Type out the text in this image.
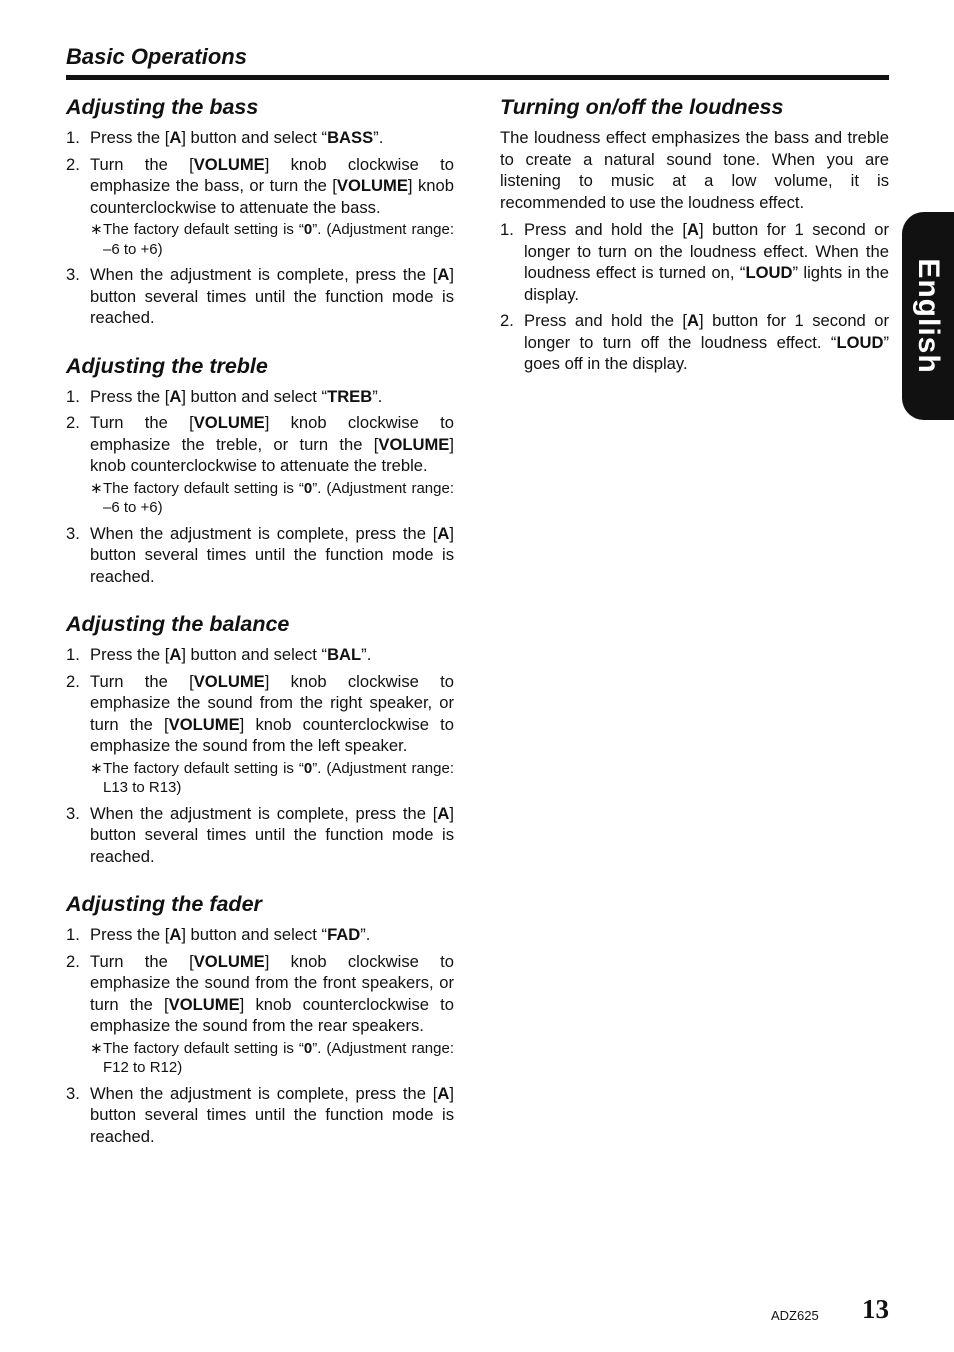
Basic Operations
Adjusting the bass
1. Press the [A] button and select “BASS”.
2. Turn the [VOLUME] knob clockwise to emphasize the bass, or turn the [VOLUME] knob counterclockwise to attenuate the bass.
∗ The factory default setting is “0”. (Adjustment range: –6 to +6)
3. When the adjustment is complete, press the [A] button several times until the function mode is reached.
Adjusting the treble
1. Press the [A] button and select “TREB”.
2. Turn the [VOLUME] knob clockwise to emphasize the treble, or turn the [VOLUME] knob counterclockwise to attenuate the treble.
∗ The factory default setting is “0”. (Adjustment range: –6 to +6)
3. When the adjustment is complete, press the [A] button several times until the function mode is reached.
Adjusting the balance
1. Press the [A] button and select “BAL”.
2. Turn the [VOLUME] knob clockwise to emphasize the sound from the right speaker, or turn the [VOLUME] knob counterclockwise to emphasize the sound from the left speaker.
∗ The factory default setting is “0”. (Adjustment range: L13 to R13)
3. When the adjustment is complete, press the [A] button several times until the function mode is reached.
Adjusting the fader
1. Press the [A] button and select “FAD”.
2. Turn the [VOLUME] knob clockwise to emphasize the sound from the front speakers, or turn the [VOLUME] knob counterclockwise to emphasize the sound from the rear speakers.
∗ The factory default setting is “0”. (Adjustment range: F12 to R12)
3. When the adjustment is complete, press the [A] button several times until the function mode is reached.
Turning on/off the loudness

The loudness effect emphasizes the bass and treble to create a natural sound tone. When you are listening to music at a low volume, it is recommended to use the loudness effect.

1. Press and hold the [A] button for 1 second or longer to turn on the loudness effect. When the loudness effect is turned on, “LOUD” lights in the display.
2. Press and hold the [A] button for 1 second or longer to turn off the loudness effect. “LOUD” goes off in the display.	English
ADZ625 13
